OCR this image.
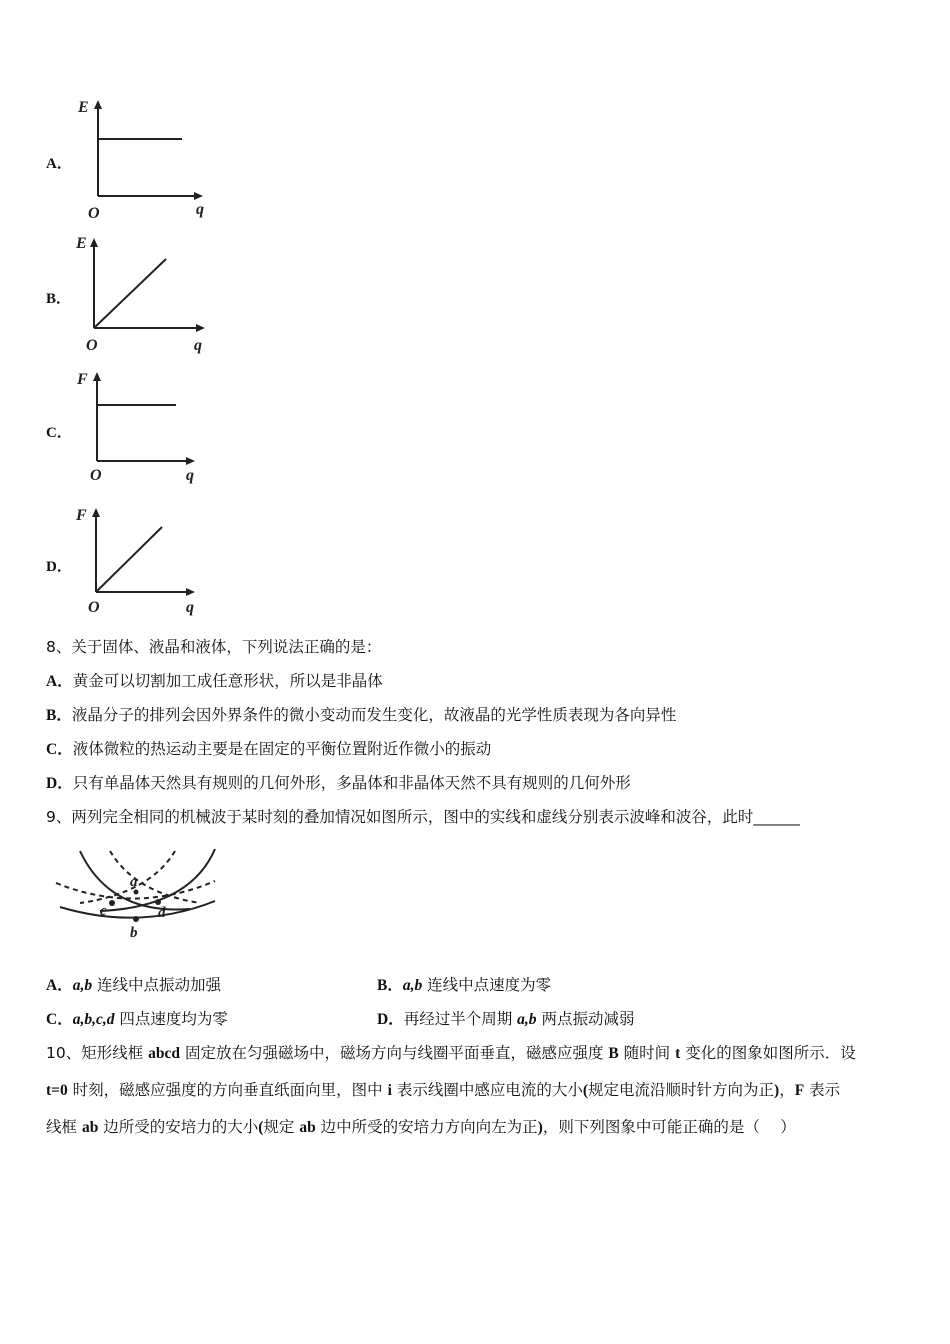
A．
E
q
O
B．
E
q
O
C．
F
q
O
D．
F
q
O
8、关于固体、液晶和液体，下列说法正确的是：
A．黄金可以切割加工成任意形状，所以是非晶体
B．液晶分子的排列会因外界条件的微小变动而发生变化，故液晶的光学性质表现为各向异性
C．液体微粒的热运动主要是在固定的平衡位置附近作微小的振动
D．只有单晶体天然具有规则的几何外形，多晶体和非晶体天然不具有规则的几何外形
9、两列完全相同的机械波于某时刻的叠加情况如图所示，图中的实线和虚线分别表示波峰和波谷，此时______
a
c
b
d
A．a,b 连线中点振动加强	B．a,b 连线中点速度为零
C．a,b,c,d 四点速度均为零	D．再经过半个周期 a,b 两点振动减弱
10、矩形线框 abcd 固定放在匀强磁场中，磁场方向与线圈平面垂直，磁感应强度 B 随时间 t 变化的图象如图所示．设
t=0 时刻，磁感应强度的方向垂直纸面向里，图中 i 表示线圈中感应电流的大小(规定电流沿顺时针方向为正)，F 表示
线框 ab 边所受的安培力的大小(规定 ab 边中所受的安培力方向向左为正)，则下列图象中可能正确的是（　 ）
